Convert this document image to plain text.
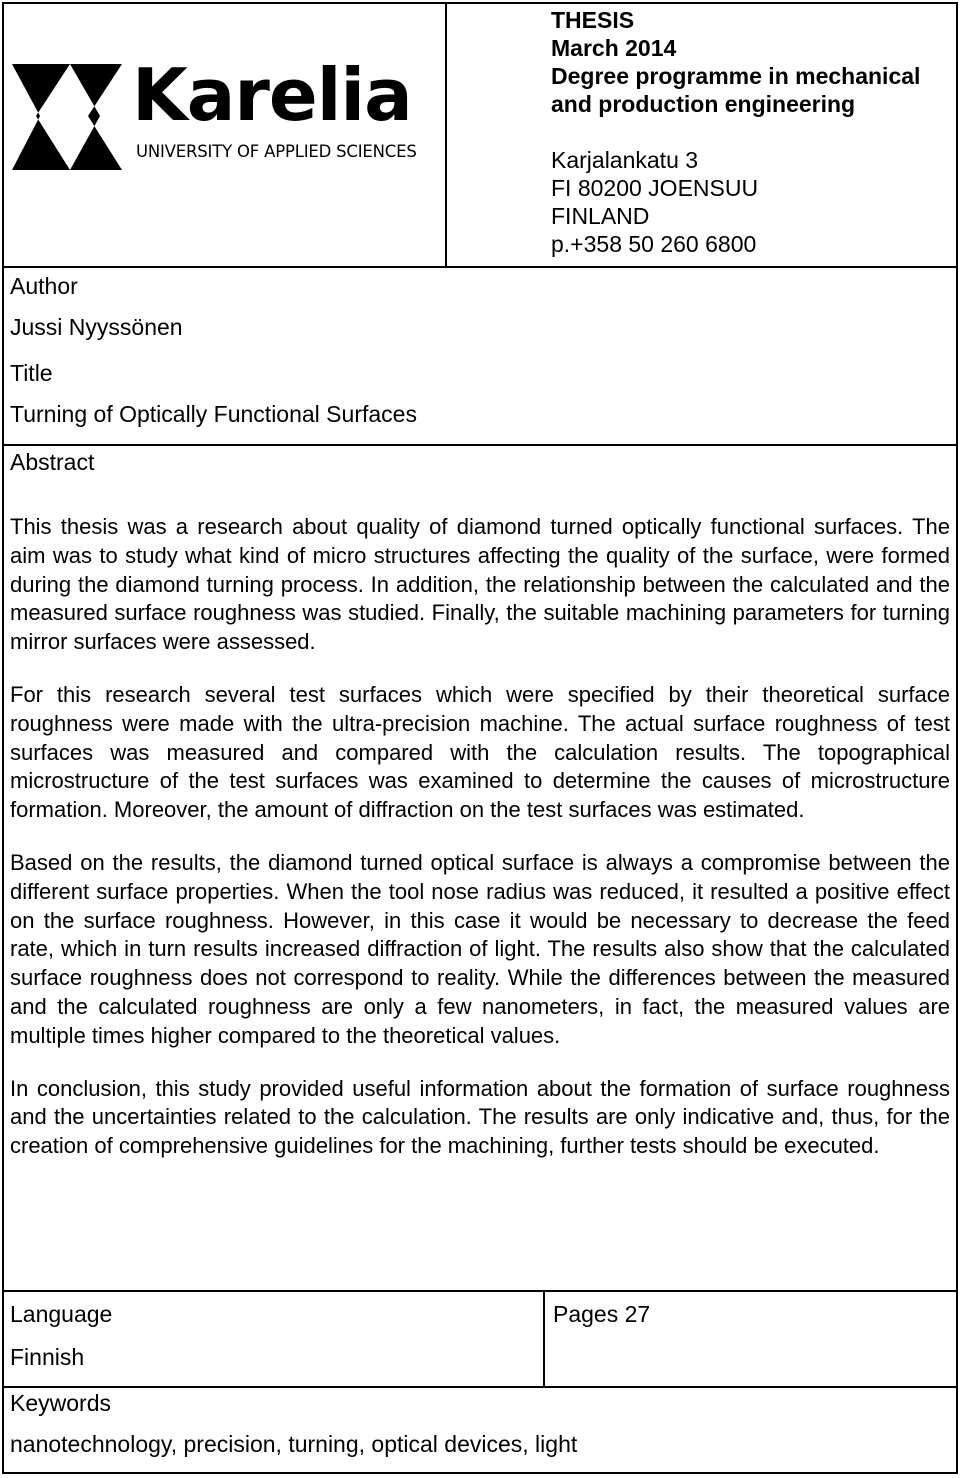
Karelia
UNIVERSITY OF APPLIED SCIENCES
THESIS
March 2014
Degree programme in mechanical
and production engineering
Karjalankatu 3
FI 80200 JOENSUU
FINLAND
p.+358 50 260 6800
Author
Jussi Nyyssönen
Title
Turning of Optically Functional Surfaces
Abstract

This thesis was a research about quality of diamond turned optically functional surfaces. The aim was to study what kind of micro structures affecting the quality of the surface, were formed during the diamond turning process. In addition, the relationship between the calculated and the measured surface roughness was studied. Finally, the suitable machining parameters for turning mirror surfaces were assessed.

For this research several test surfaces which were specified by their theoretical surface roughness were made with the ultra-precision machine. The actual surface roughness of test surfaces was measured and compared with the calculation results. The topographical microstructure of the test surfaces was examined to determine the causes of microstructure formation. Moreover, the amount of diffraction on the test surfaces was estimated.

Based on the results, the diamond turned optical surface is always a compromise between the different surface properties. When the tool nose radius was reduced, it resulted a positive effect on the surface roughness. However, in this case it would be necessary to decrease the feed rate, which in turn results increased diffraction of light. The results also show that the calculated surface roughness does not correspond to reality. While the differences between the measured and the calculated roughness are only a few nanometers, in fact, the measured values are multiple times higher compared to the theoretical values.

In conclusion, this study provided useful information about the formation of surface roughness and the uncertainties related to the calculation. The results are only indicative and, thus, for the creation of comprehensive guidelines for the machining, further tests should be executed.

Language
Finnish
Pages 27
Keywords
nanotechnology, precision, turning, optical devices, light
